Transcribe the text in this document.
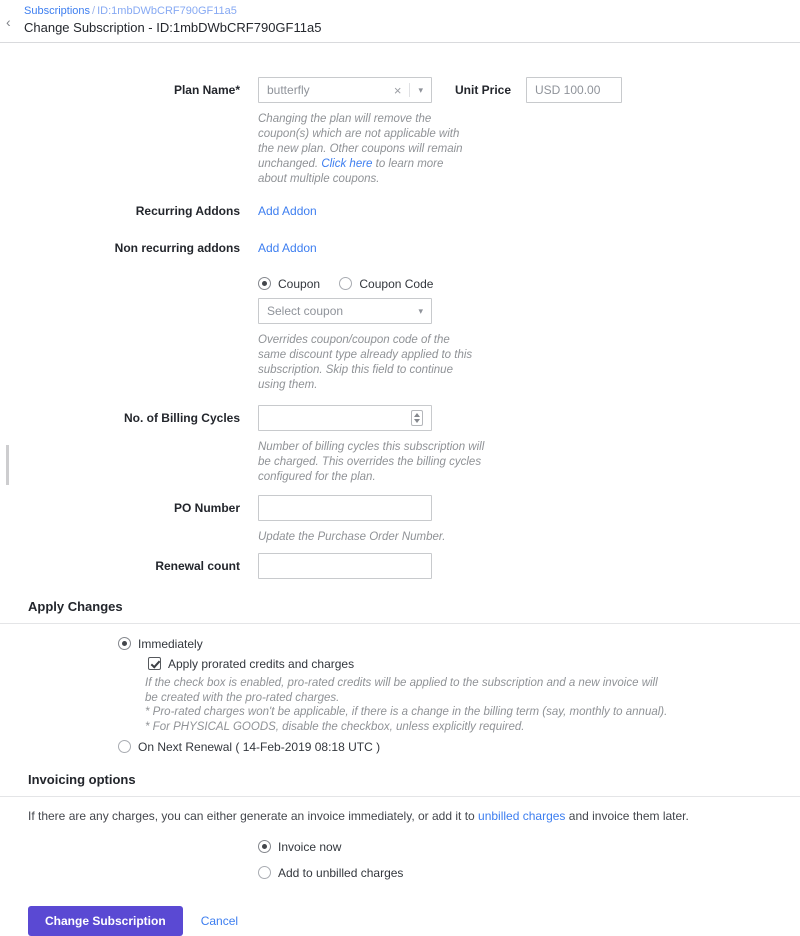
‹
Subscriptions / ID:1mbDWbCRF790GF11a5
Change Subscription - ID:1mbDWbCRF790GF11a5
Plan Name* butterfly × ▾	Unit Price USD 100.00

Changing the plan will remove the coupon(s) which are not applicable with the new plan. Other coupons will remain unchanged. Click here to learn more about multiple coupons.

Recurring Addons Add Addon
Non recurring addons Add Addon
Coupon	Coupon Code
Select coupon
▾

Overrides coupon/coupon code of the same discount type already applied to this subscription. Skip this field to continue using them.

No. of Billing Cycles

Number of billing cycles this subscription will be charged. This overrides the billing cycles configured for the plan.

PO Number

Update the Purchase Order Number.

Renewal count
Apply Changes
Immediately
Apply prorated credits and charges
If the check box is enabled, pro-rated credits will be applied to the subscription and a new invoice will be created with the pro-rated charges.
* Pro-rated charges won't be applicable, if there is a change in the billing term (say, monthly to annual).
* For PHYSICAL GOODS, disable the checkbox, unless explicitly required.
On Next Renewal ( 14-Feb-2019 08:18 UTC )
Invoicing options

If there are any charges, you can either generate an invoice immediately, or add it to unbilled charges and invoice them later.

Invoice now
Add to unbilled charges
Change Subscription	Cancel
